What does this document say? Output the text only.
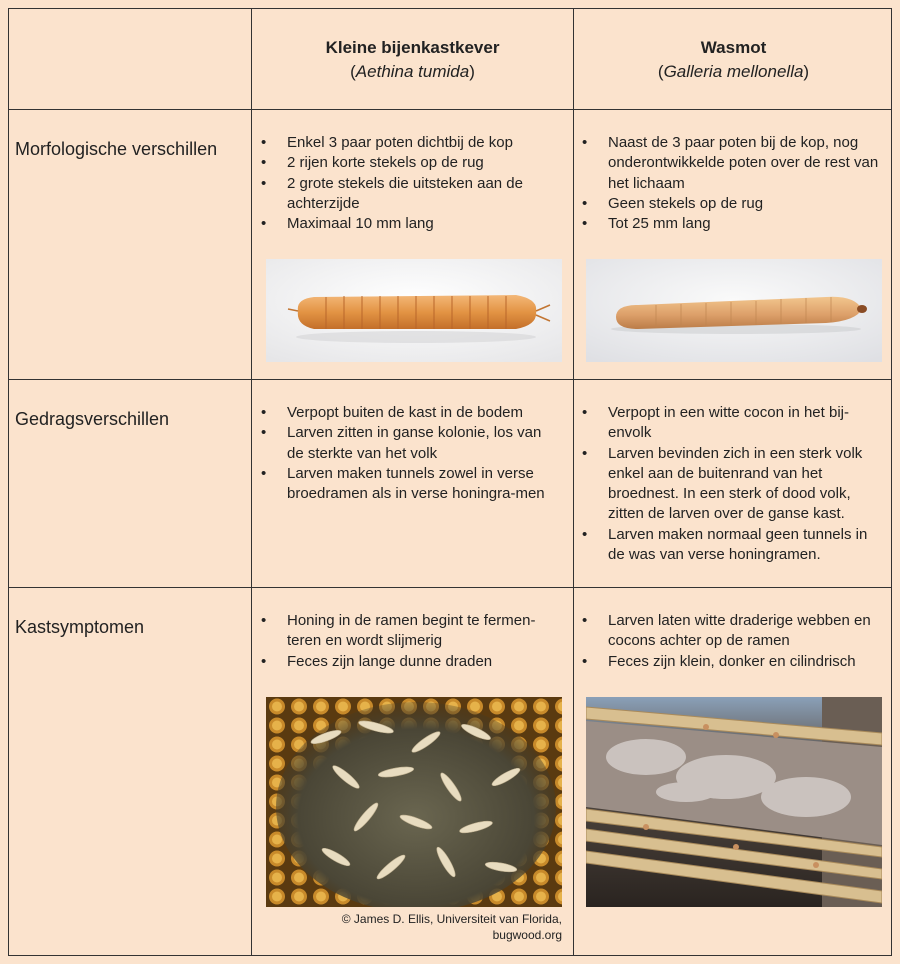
Kleine bijenkastkever
(Aethina tumida)
Wasmot
(Galleria mellonella)
Morfologische verschillen
Gedragsverschillen
Kastsymptomen
• Enkel 3 paar poten dichtbij de kop
• 2 rijen korte stekels op de rug
• 2 grote stekels die uitsteken aan de achterzijde
• Maximaal 10 mm lang
• Naast de 3 paar poten bij de kop, nog onderontwikkelde poten over de rest van het lichaam
• Geen stekels op de rug
• Tot 25 mm lang
• Verpopt buiten de kast in de bodem
• Larven zitten in ganse kolonie, los van de sterkte van het volk
• Larven maken tunnels zowel in verse broedramen als in verse honingra-men
• Verpopt in een witte cocon in het bij-envolk
• Larven bevinden zich in een sterk volk enkel aan de buitenrand van het broednest. In een sterk of dood volk, zitten de larven over de ganse kast.
• Larven maken normaal geen tunnels in de was van verse honingramen.
• Honing in de ramen begint te fermen-teren en wordt slijmerig
• Feces zijn lange dunne draden
• Larven laten witte draderige webben en cocons achter op de ramen
• Feces zijn klein, donker en cilindrisch
© James D. Ellis, Universiteit van Florida,
bugwood.org
